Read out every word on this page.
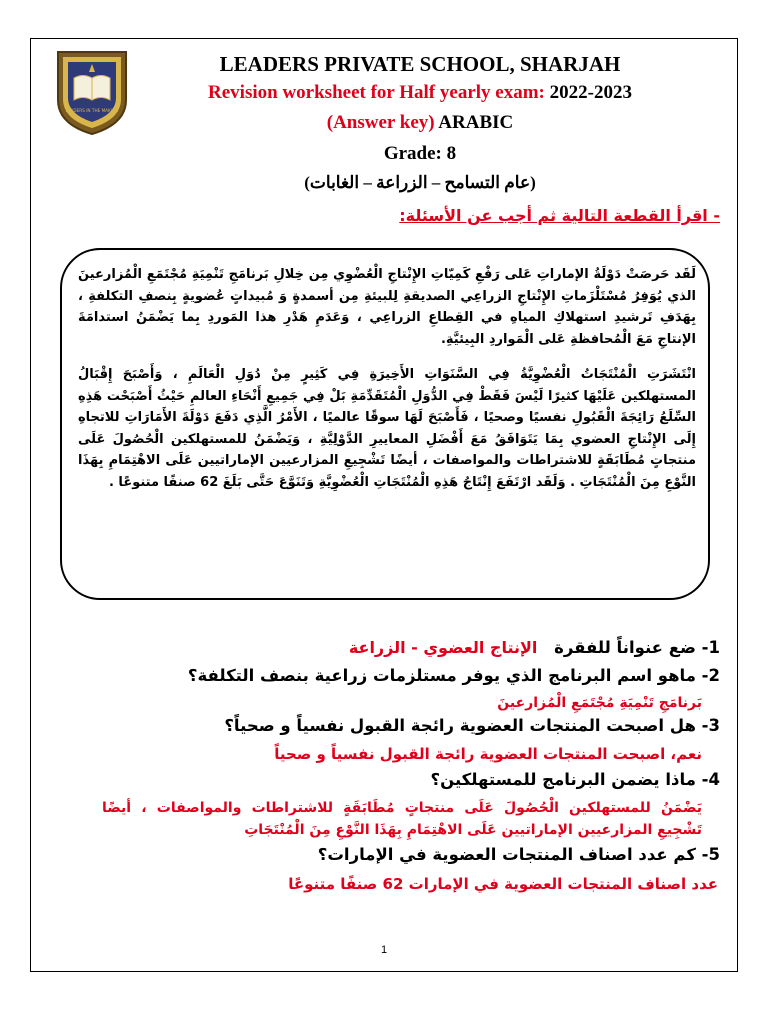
LEADERS IN THE MAKING
LEADERS PRIVATE SCHOOL, SHARJAH
Revision worksheet for Half yearly exam: 2022-2023
(Answer key) ARABIC
Grade: 8
(عام التسامح – الزراعة – الغابات)
- اقرأ القطعة التالية ثم أجب عن الأسئلة:

لَقَد حَرصَتْ دَوْلَةُ الإماراتِ عَلى رَفْعِ كَمِيّاتِ الإِنْتاجِ الْعُضْوِي مِن خِلالِ بَرنامَجِ تَنْمِيَةِ مُجْتَمَعِ الْمُزارعينَ الذي يُوَفِرُ مُسْتَلْزَماتِ الإِنْتاجِ الزراعِي الصديقةِ لِلبيئةِ مِن أسمدةٍ وَ مُبيداتٍ عُضويةٍ بِنصفِ التكلفةِ ، بِهَدَفِ تَرشيدِ استهلاكِ المياهِ في القِطاعِ الزراعِي ، وَعَدَمِ هَدْرِ هذا المَوردِ بِما يَضْمَنُ استدامَةَ الإنتاجِ مَعَ الْمُحافظةِ عَلى الْمَواردِ البِيئيَّةِ.

انْتَشَرَتِ الْمُنْتَجَاتُ الْعُضْوِيَّةُ فِي السَّنَوَاتِ الأَخِيرَةِ فِي كَثِيرٍ مِنْ دُوَلِ الْعَالَمِ ، وَأَصْبَحَ إِقْبَالُ المستهلكين عَلَيْهَا كثيرًا لَيْسَ فَقَطْ فِي الدُّوَلِ الْمُتَقَدِّمَةِ بَلْ فِي جَمِيعِ أَنْحَاءِ العالمِ حَيْثُ أَصْبَحْت هَذِهِ السِّلَعُ رَائِجَةَ الْقَبُولِ نفسيًا وصحيًا ، فَأَصْبَحَ لَهَا سوقًا عالميًا ، الأَمْرُ الَّذِي دَفَعَ دَوْلَةَ الأَمَارَاتِ للاتجاهِ إِلَى الإِنْتاجِ العضوي بِمَا يَتَوَافَقُ مَعَ أَفْضَلِ المعاييرِ الدَّوْلِيَّةِ ، وَيَضْمَنُ للمستهلكين الْحُصُولَ عَلَى منتجاتٍ مُطَابَقَةٍ للاشتراطات والمواصفات ، أيضًا تَشْجِيعِ المزارعيين الإماراتيين عَلَى الاهْتِمَامِ بِهَذَا النَّوْعِ مِنَ الْمُنْتَجَاتِ . وَلَقَد ارْتَفَعَ إِنْتَاجُ هَذِهِ الْمُنْتَجَاتِ الْعُضْوِيَّةِ وَتَنَوَّعَ حَتَّى بَلَغَ 62 صنفًا متنوعًا .

1- ضع عنواناً للفقرة   الإنتاج العضوي - الزراعة
2- ماهو اسم البرنامج الذي يوفر مستلزمات زراعية بنصف التكلفة؟
بَرنامَجِ تَنْمِيَةِ مُجْتَمَعِ الْمُزارعينَ
3- هل اصبحت المنتجات العضوية رائجة القبول نفسياً و صحياً؟
نعم، اصبحت المنتجات العضوية رائجة القبول نفسياً و صحياً
4- ماذا يضمن البرنامج للمستهلكين؟
يَضْمَنُ للمستهلكين الْحُصُولَ عَلَى منتجاتٍ مُطَابَقَةٍ للاشتراطات والمواصفات ، أيضًا تَشْجِيعِ المزارعيين الإماراتيين عَلَى الاهْتِمَامِ بِهَذَا النَّوْعِ مِنَ الْمُنْتَجَاتِ
5- كم عدد اصناف المنتجات العضوية في الإمارات؟
عدد اصناف المنتجات العضوية في الإمارات 62 صنفًا متنوعًا
1
